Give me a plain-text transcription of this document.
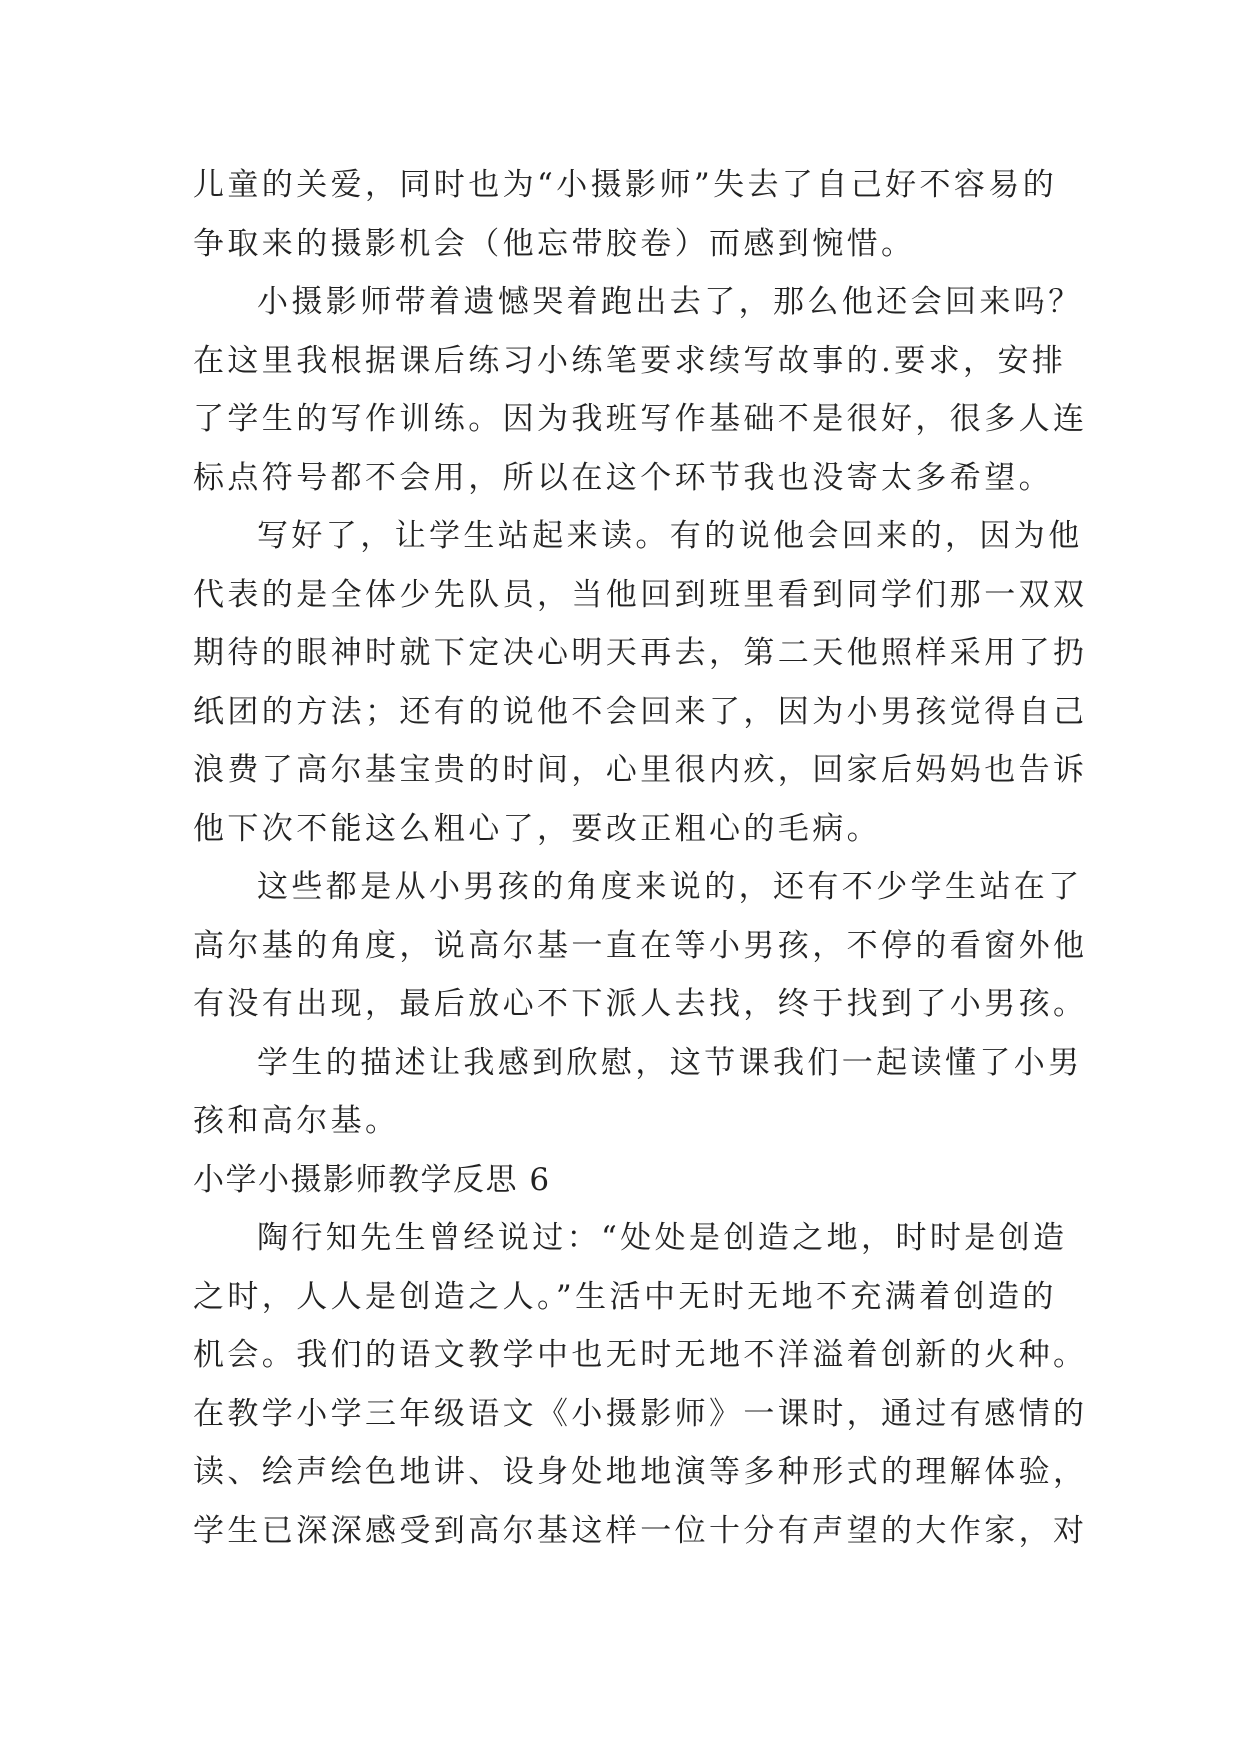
儿童的关爱，同时也为“小摄影师”失去了自己好不容易的
争取来的摄影机会（他忘带胶卷）而感到惋惜。
小摄影师带着遗憾哭着跑出去了，那么他还会回来吗？
在这里我根据课后练习小练笔要求续写故事的.要求，安排
了学生的写作训练。因为我班写作基础不是很好，很多人连
标点符号都不会用，所以在这个环节我也没寄太多希望。
写好了，让学生站起来读。有的说他会回来的，因为他
代表的是全体少先队员，当他回到班里看到同学们那一双双
期待的眼神时就下定决心明天再去，第二天他照样采用了扔
纸团的方法；还有的说他不会回来了，因为小男孩觉得自己
浪费了高尔基宝贵的时间，心里很内疚，回家后妈妈也告诉
他下次不能这么粗心了，要改正粗心的毛病。
这些都是从小男孩的角度来说的，还有不少学生站在了
高尔基的角度，说高尔基一直在等小男孩，不停的看窗外他
有没有出现，最后放心不下派人去找，终于找到了小男孩。
学生的描述让我感到欣慰，这节课我们一起读懂了小男
孩和高尔基。
小学小摄影师教学反思 6
陶行知先生曾经说过：“处处是创造之地，时时是创造
之时，人人是创造之人。”生活中无时无地不充满着创造的
机会。我们的语文教学中也无时无地不洋溢着创新的火种。
在教学小学三年级语文《小摄影师》一课时，通过有感情的
读、绘声绘色地讲、设身处地地演等多种形式的理解体验，
学生已深深感受到高尔基这样一位十分有声望的大作家，对
